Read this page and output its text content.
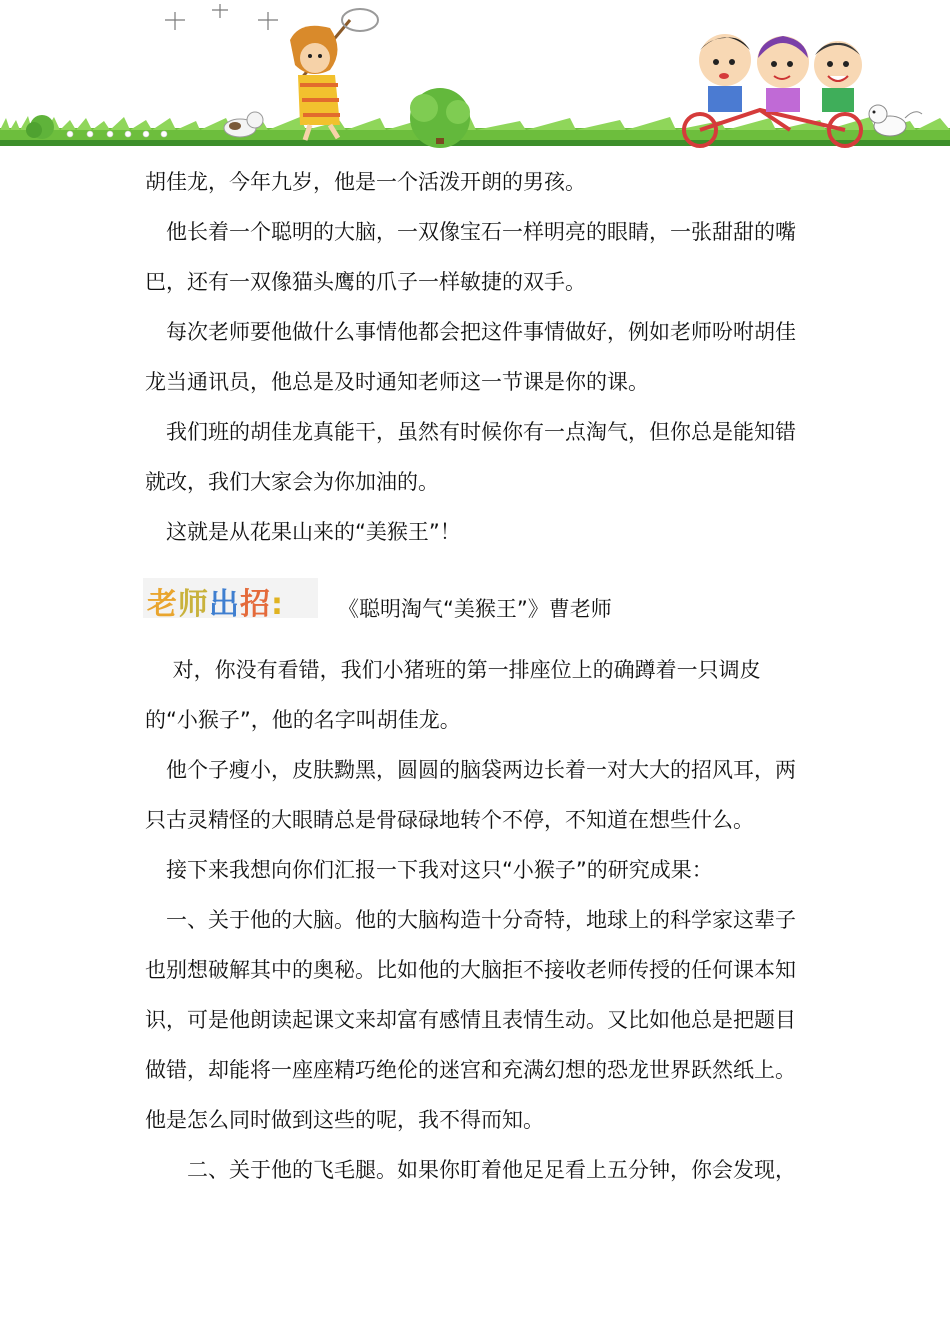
胡佳龙，今年九岁，他是一个活泼开朗的男孩。

　他长着一个聪明的大脑，一双像宝石一样明亮的眼睛，一张甜甜的嘴巴，还有一双像猫头鹰的爪子一样敏捷的双手。

　每次老师要他做什么事情他都会把这件事情做好，例如老师吩咐胡佳龙当通讯员，他总是及时通知老师这一节课是你的课。

　我们班的胡佳龙真能干，虽然有时候你有一点淘气，但你总是能知错就改，我们大家会为你加油的。

　这就是从花果山来的“美猴王”！

老师出招:	《聪明淘气“美猴王”》曹老师

　 对，你没有看错，我们小猪班的第一排座位上的确蹲着一只调皮的“小猴子”，他的名字叫胡佳龙。

　他个子瘦小，皮肤黝黑，圆圆的脑袋两边长着一对大大的招风耳，两只古灵精怪的大眼睛总是骨碌碌地转个不停，不知道在想些什么。

　接下来我想向你们汇报一下我对这只“小猴子”的研究成果：

　一、关于他的大脑。他的大脑构造十分奇特，地球上的科学家这辈子也别想破解其中的奥秘。比如他的大脑拒不接收老师传授的任何课本知识，可是他朗读起课文来却富有感情且表情生动。又比如他总是把题目做错，却能将一座座精巧绝伦的迷宫和充满幻想的恐龙世界跃然纸上。他是怎么同时做到这些的呢，我不得而知。

　　二、关于他的飞毛腿。如果你盯着他足足看上五分钟，你会发现，
